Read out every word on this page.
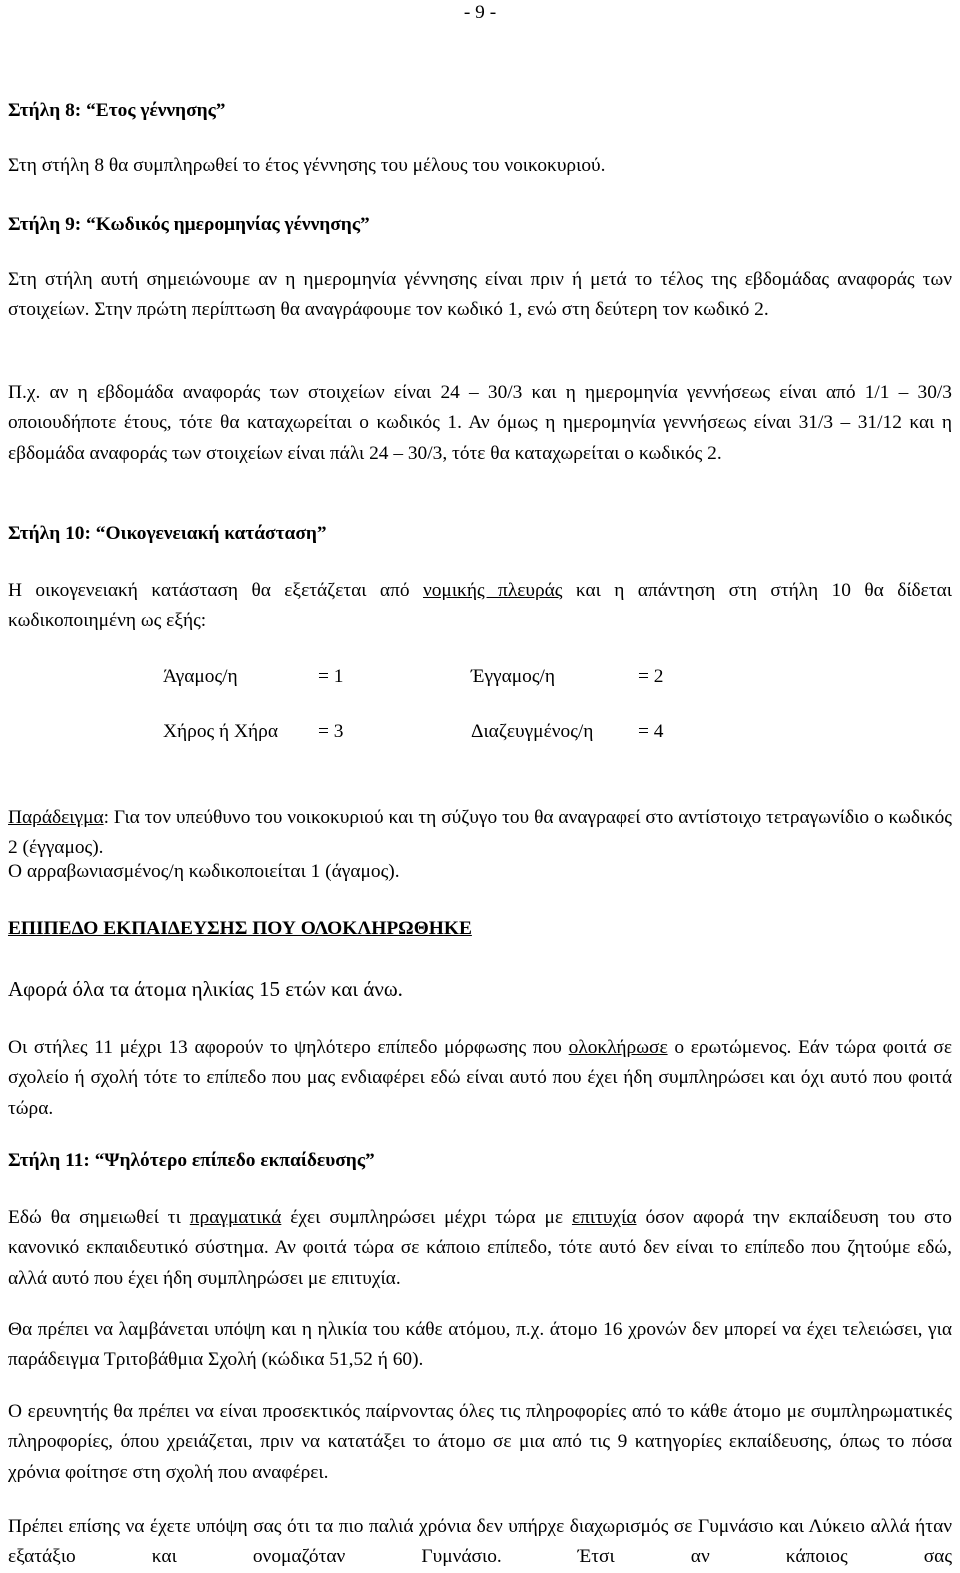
- 9 -

Στήλη 8: “Ετος γέννησης”

Στη στήλη 8 θα συμπληρωθεί το έτος γέννησης του μέλους του νοικοκυριού.

Στήλη 9: “Κωδικός ημερομηνίας γέννησης”

Στη στήλη αυτή σημειώνουμε αν η ημερομηνία γέννησης είναι πριν ή μετά το τέλος της εβδομάδας αναφοράς των στοιχείων. Στην πρώτη περίπτωση θα αναγράφουμε τον κωδικό 1, ενώ στη δεύτερη τον κωδικό 2.

Π.χ. αν η εβδομάδα αναφοράς των στοιχείων είναι 24 – 30/3 και η ημερομηνία γεννήσεως είναι από 1/1 – 30/3 οποιουδήποτε έτους, τότε θα καταχωρείται ο κωδικός 1. Αν όμως η ημερομηνία γεννήσεως είναι 31/3 – 31/12 και η εβδομάδα αναφοράς των στοιχείων είναι πάλι 24 – 30/3, τότε θα καταχωρείται ο κωδικός 2.

Στήλη 10: “Οικογενειακή κατάσταση”

Η οικογενειακή κατάσταση θα εξετάζεται από νομικής πλευράς και η απάντηση στη στήλη 10 θα δίδεται κωδικοποιημένη ως εξής:

Άγαμος/η	= 1	Έγγαμος/η	= 2
Χήρος ή Χήρα = 3	Διαζευγμένος/η = 4

Παράδειγμα: Για τον υπεύθυνο του νοικοκυριού και τη σύζυγο του θα αναγραφεί στο αντίστοιχο τετραγωνίδιο ο κωδικός 2 (έγγαμος).

Ο αρραβωνιασμένος/η κωδικοποιείται 1 (άγαμος).

ΕΠΙΠΕΔΟ ΕΚΠΑΙΔΕΥΣΗΣ ΠΟΥ ΟΛΟΚΛΗΡΩΘΗΚΕ

Αφορά όλα τα άτομα ηλικίας 15 ετών και άνω.

Οι στήλες 11 μέχρι 13 αφορούν το ψηλότερο επίπεδο μόρφωσης που ολοκλήρωσε ο ερωτώμενος. Εάν τώρα φοιτά σε σχολείο ή σχολή τότε το επίπεδο που μας ενδιαφέρει εδώ είναι αυτό που έχει ήδη συμπληρώσει και όχι αυτό που φοιτά τώρα.

Στήλη 11: “Ψηλότερο επίπεδο εκπαίδευσης”

Εδώ θα σημειωθεί τι πραγματικά έχει συμπληρώσει μέχρι τώρα με επιτυχία όσον αφορά την εκπαίδευση του στο κανονικό εκπαιδευτικό σύστημα. Αν φοιτά τώρα σε κάποιο επίπεδο, τότε αυτό δεν είναι το επίπεδο που ζητούμε εδώ, αλλά αυτό που έχει ήδη συμπληρώσει με επιτυχία.

Θα πρέπει να λαμβάνεται υπόψη και η ηλικία του κάθε ατόμου, π.χ. άτομο 16 χρονών δεν μπορεί να έχει τελειώσει, για παράδειγμα Τριτοβάθμια Σχολή (κώδικα 51,52 ή 60).

Ο ερευνητής θα πρέπει να είναι προσεκτικός παίρνοντας όλες τις πληροφορίες από το κάθε άτομο με συμπληρωματικές πληροφορίες, όπου χρειάζεται, πριν να κατατάξει το άτομο σε μια από τις 9 κατηγορίες εκπαίδευσης, όπως το πόσα χρόνια φοίτησε στη σχολή που αναφέρει.

Πρέπει επίσης να έχετε υπόψη σας ότι τα πιο παλιά χρόνια δεν υπήρχε διαχωρισμός σε Γυμνάσιο και Λύκειο αλλά ήταν εξατάξιο και ονομαζόταν Γυμνάσιο. Έτσι αν κάποιος σας
